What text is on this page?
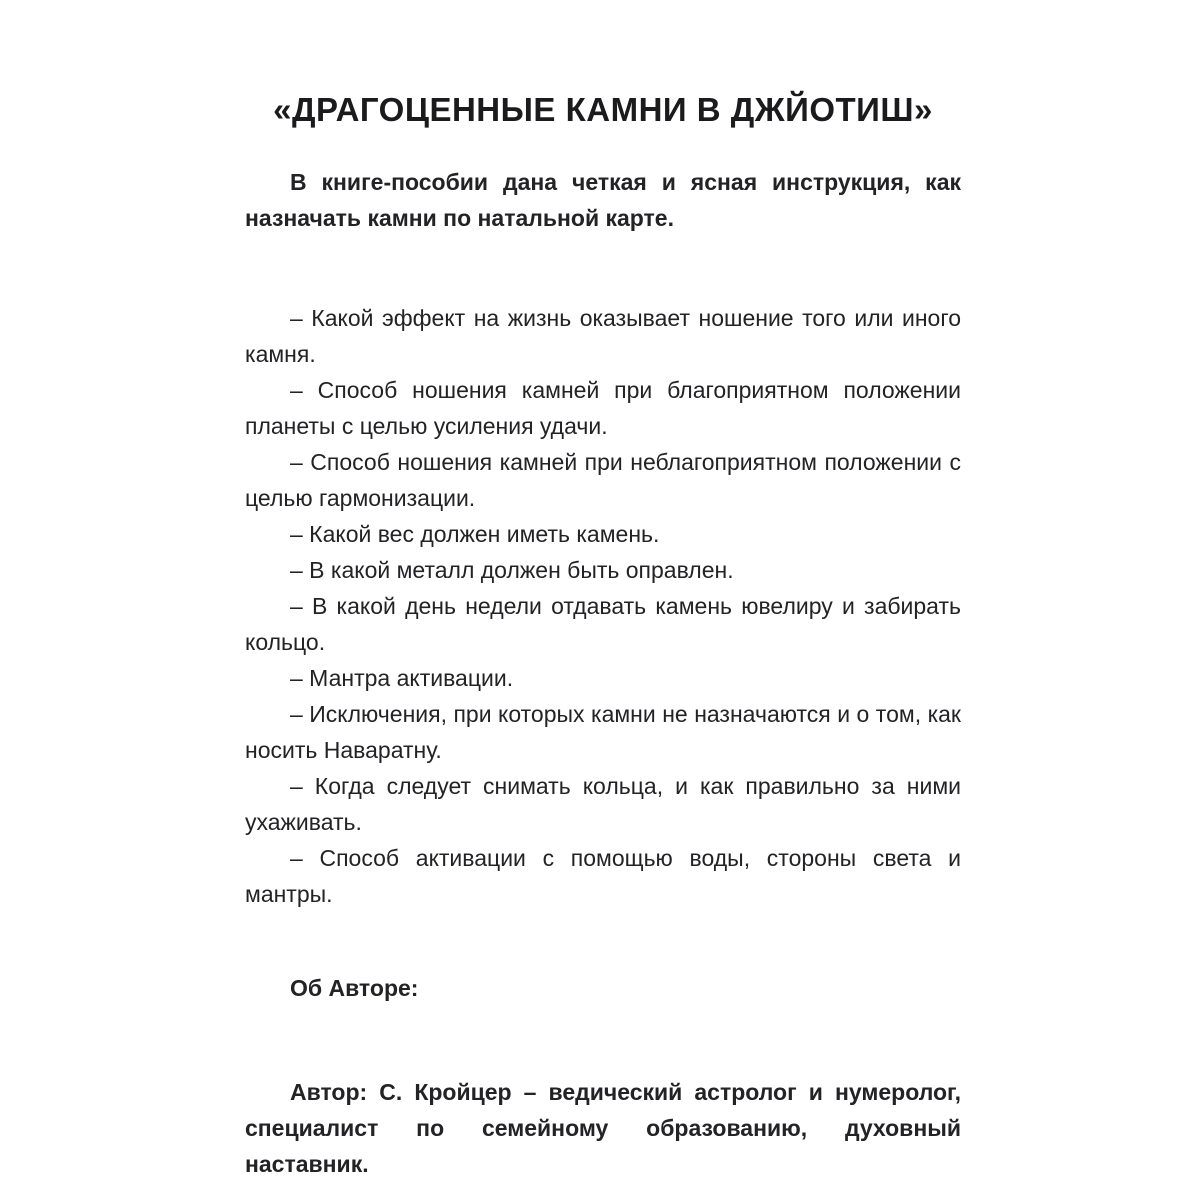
«ДРАГОЦЕННЫЕ КАМНИ В ДЖЙОТИШ»

В книге-пособии дана четкая и ясная инструкция, как назначать камни по натальной карте.

– Какой эффект на жизнь оказывает ношение того или иного камня.

– Способ ношения камней при благоприятном положении планеты с целью усиления удачи.

– Способ ношения камней при неблагоприятном положении с целью гармонизации.

– Какой вес должен иметь камень.

– В какой металл должен быть оправлен.

– В какой день недели отдавать камень ювелиру и забирать кольцо.

– Мантра активации.

– Исключения, при которых камни не назначаются и о том, как носить Наваратну.

– Когда следует снимать кольца, и как правильно за ними ухаживать.

– Способ активации с помощью воды, стороны света и мантры.

Об Авторе:

Автор: С. Кройцер – ведический астролог и нумеролог, специалист по семейному образованию, духовный наставник.
